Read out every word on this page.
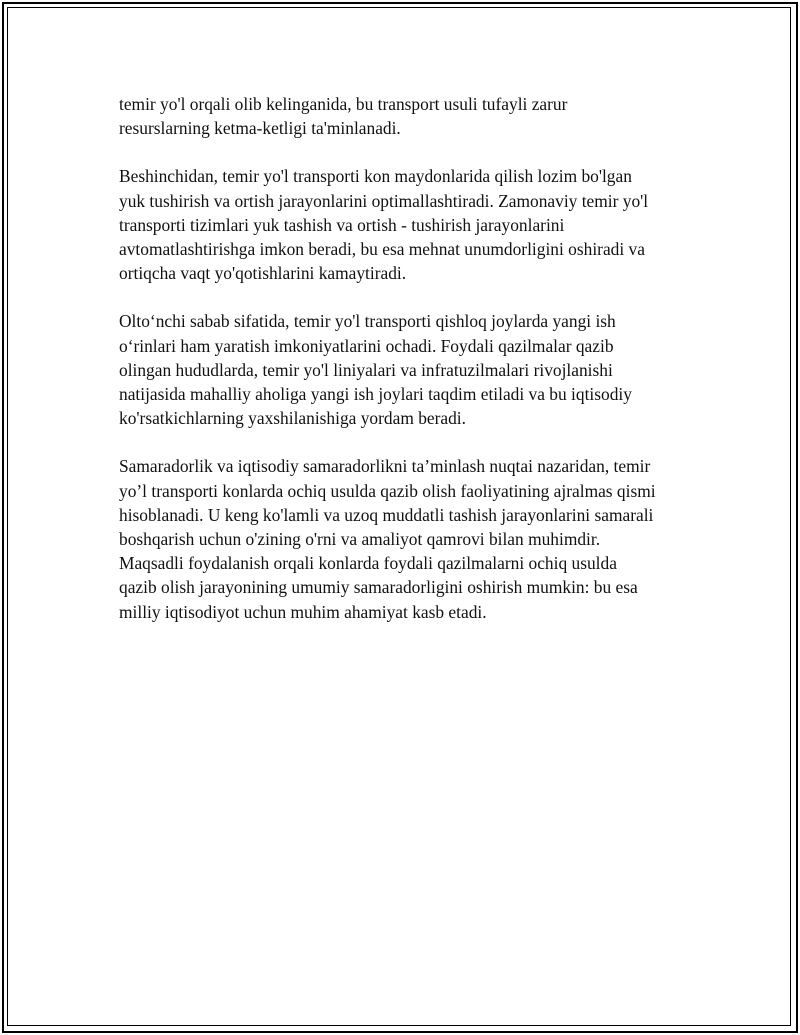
temir yo'l orqali olib kelinganida, bu transport usuli tufayli zarur
resurslarning ketma-ketligi ta'minlanadi.

Beshinchidan, temir yo'l transporti kon maydonlarida qilish lozim bo'lgan
yuk tushirish va ortish jarayonlarini optimallashtiradi. Zamonaviy temir yo'l
transporti tizimlari yuk tashish va ortish - tushirish jarayonlarini
avtomatlashtirishga imkon beradi, bu esa mehnat unumdorligini oshiradi va
ortiqcha vaqt yo'qotishlarini kamaytiradi.

Olto‘nchi sabab sifatida, temir yo'l transporti qishloq joylarda yangi ish
o‘rinlari ham yaratish imkoniyatlarini ochadi. Foydali qazilmalar qazib
olingan hududlarda, temir yo'l liniyalari va infratuzilmalari rivojlanishi
natijasida mahalliy aholiga yangi ish joylari taqdim etiladi va bu iqtisodiy
ko'rsatkichlarning yaxshilanishiga yordam beradi.

Samaradorlik va iqtisodiy samaradorlikni ta’minlash nuqtai nazaridan, temir
yo’l transporti konlarda ochiq usulda qazib olish faoliyatining ajralmas qismi
hisoblanadi. U keng ko'lamli va uzoq muddatli tashish jarayonlarini samarali
boshqarish uchun o'zining o'rni va amaliyot qamrovi bilan muhimdir.
Maqsadli foydalanish orqali konlarda foydali qazilmalarni ochiq usulda
qazib olish jarayonining umumiy samaradorligini oshirish mumkin: bu esa
milliy iqtisodiyot uchun muhim ahamiyat kasb etadi.
